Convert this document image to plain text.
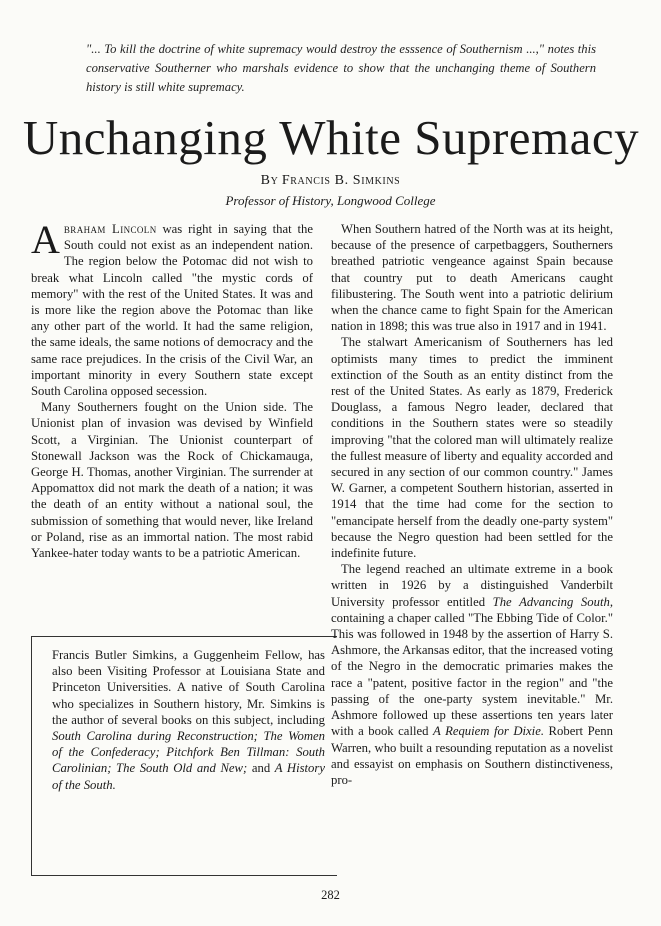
"... To kill the doctrine of white supremacy would destroy the esssence of Southernism ...," notes this conservative Southerner who marshals evidence to show that the unchanging theme of Southern history is still white supremacy.
Unchanging White Supremacy
By Francis B. Simkins
Professor of History, Longwood College

Abraham Lincoln was right in saying that the South could not exist as an independent nation. The region below the Potomac did not wish to break what Lincoln called "the mystic cords of memory" with the rest of the United States. It was and is more like the region above the Potomac than like any other part of the world. It had the same religion, the same ideals, the same notions of democracy and the same race prejudices. In the crisis of the Civil War, an important minority in every Southern state except South Carolina opposed secession.

Many Southerners fought on the Union side. The Unionist plan of invasion was devised by Winfield Scott, a Virginian. The Unionist counterpart of Stonewall Jackson was the Rock of Chickamauga, George H. Thomas, another Virginian. The surrender at Appomattox did not mark the death of a nation; it was the death of an entity without a national soul, the submission of something that would never, like Ireland or Poland, rise as an immortal nation. The most rabid Yankee-hater today wants to be a patriotic American.

Francis Butler Simkins, a Guggenheim Fellow, has also been Visiting Professor at Louisiana State and Princeton Universities. A native of South Carolina who specializes in Southern history, Mr. Simkins is the author of several books on this subject, including South Carolina during Reconstruction; The Women of the Confederacy; Pitchfork Ben Tillman: South Carolinian; The South Old and New; and A History of the South.

When Southern hatred of the North was at its height, because of the presence of carpetbaggers, Southerners breathed patriotic vengeance against Spain because that country put to death Americans caught filibustering. The South went into a patriotic delirium when the chance came to fight Spain for the American nation in 1898; this was true also in 1917 and in 1941.

The stalwart Americanism of Southerners has led optimists many times to predict the imminent extinction of the South as an entity distinct from the rest of the United States. As early as 1879, Frederick Douglass, a famous Negro leader, declared that conditions in the Southern states were so steadily improving "that the colored man will ultimately realize the fullest measure of liberty and equality accorded and secured in any section of our common country." James W. Garner, a competent Southern historian, asserted in 1914 that the time had come for the section to "emancipate herself from the deadly one-party system" because the Negro question had been settled for the indefinite future.

The legend reached an ultimate extreme in a book written in 1926 by a distinguished Vanderbilt University professor entitled The Advancing South, containing a chaper called "The Ebbing Tide of Color." This was followed in 1948 by the assertion of Harry S. Ashmore, the Arkansas editor, that the increased voting of the Negro in the democratic primaries makes the race a "patent, positive factor in the region" and "the passing of the one-party system inevitable." Mr. Ashmore followed up these assertions ten years later with a book called A Requiem for Dixie. Robert Penn Warren, who built a resounding reputation as a novelist and essayist on emphasis on Southern distinctiveness, pro-

282
